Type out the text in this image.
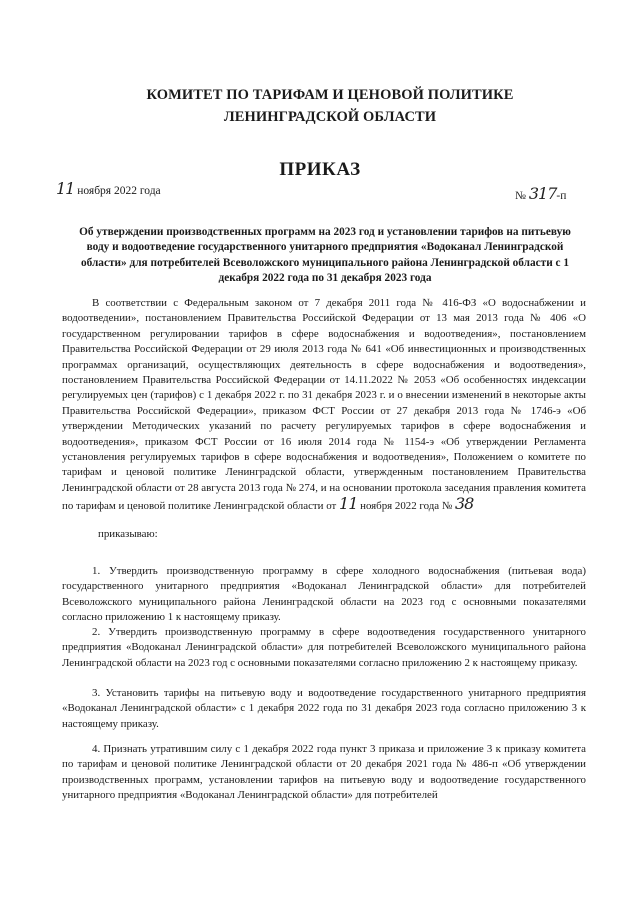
КОМИТЕТ ПО ТАРИФАМ И ЦЕНОВОЙ ПОЛИТИКЕ
ЛЕНИНГРАДСКОЙ ОБЛАСТИ
ПРИКАЗ
11 ноября 2022 года	№ 317-п
Об утверждении производственных программ на 2023 год и установлении тарифов на питьевую воду и водоотведение государственного унитарного предприятия «Водоканал Ленинградской области» для потребителей Всеволожского муниципального района Ленинградской области с 1 декабря 2022 года по 31 декабря 2023 года

В соответствии с Федеральным законом от 7 декабря 2011 года № 416-ФЗ «О водоснабжении и водоотведении», постановлением Правительства Российской Федерации от 13 мая 2013 года № 406 «О государственном регулировании тарифов в сфере водоснабжения и водоотведения», постановлением Правительства Российской Федерации от 29 июля 2013 года № 641 «Об инвестиционных и производственных программах организаций, осуществляющих деятельность в сфере водоснабжения и водоотведения», постановлением Правительства Российской Федерации от 14.11.2022 № 2053 «Об особенностях индексации регулируемых цен (тарифов) с 1 декабря 2022 г. по 31 декабря 2023 г. и о внесении изменений в некоторые акты Правительства Российской Федерации», приказом ФСТ России от 27 декабря 2013 года № 1746-э «Об утверждении Методических указаний по расчету регулируемых тарифов в сфере водоснабжения и водоотведения», приказом ФСТ России от 16 июля 2014 года № 1154-э «Об утверждении Регламента установления регулируемых тарифов в сфере водоснабжения и водоотведения», Положением о комитете по тарифам и ценовой политике Ленинградской области, утвержденным постановлением Правительства Ленинградской области от 28 августа 2013 года № 274, и на основании протокола заседания правления комитета по тарифам и ценовой политике Ленинградской области от 11 ноября 2022 года № 38

приказываю:

1. Утвердить производственную программу в сфере холодного водоснабжения (питьевая вода) государственного унитарного предприятия «Водоканал Ленинградской области» для потребителей Всеволожского муниципального района Ленинградской области на 2023 год с основными показателями согласно приложению 1 к настоящему приказу.

2. Утвердить производственную программу в сфере водоотведения государственного унитарного предприятия «Водоканал Ленинградской области» для потребителей Всеволожского муниципального района Ленинградской области на 2023 год с основными показателями согласно приложению 2 к настоящему приказу.

3. Установить тарифы на питьевую воду и водоотведение государственного унитарного предприятия «Водоканал Ленинградской области» с 1 декабря 2022 года по 31 декабря 2023 года согласно приложению 3 к настоящему приказу.

4. Признать утратившим силу с 1 декабря 2022 года пункт 3 приказа и приложение 3 к приказу комитета по тарифам и ценовой политике Ленинградской области от 20 декабря 2021 года № 486-п «Об утверждении производственных программ, установлении тарифов на питьевую воду и водоотведение государственного унитарного предприятия «Водоканал Ленинградской области» для потребителей
